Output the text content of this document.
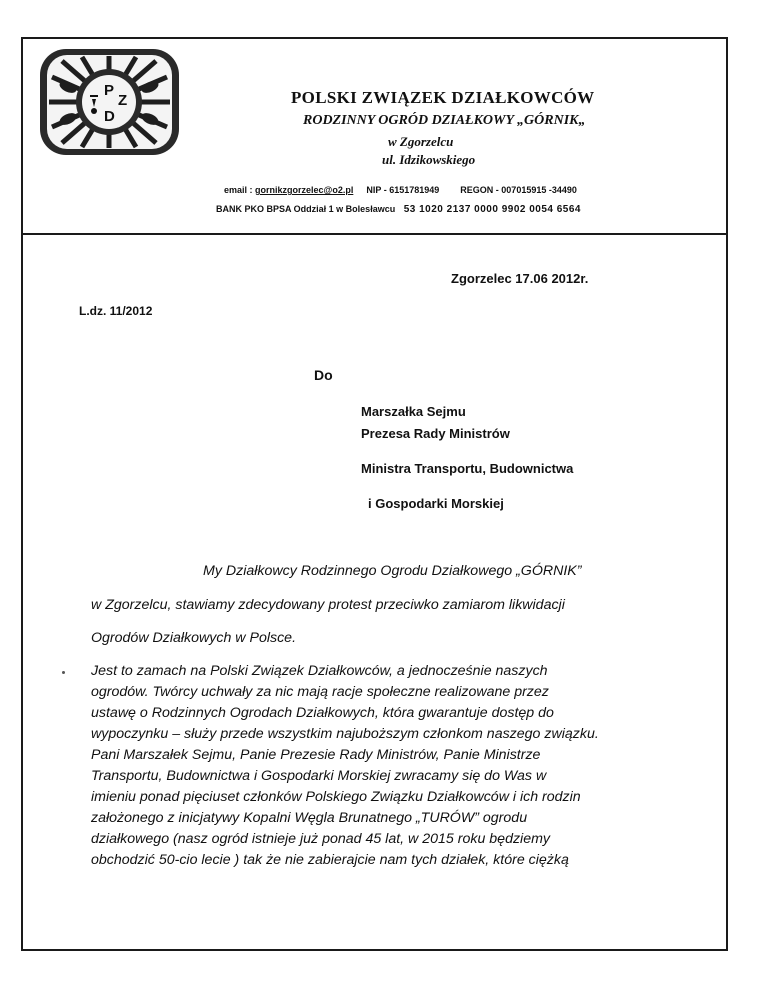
P
Z
D
POLSKI ZWIĄZEK DZIAŁKOWCÓW
RODZINNY OGRÓD DZIAŁKOWY „GÓRNIK„
w Zgorzelcu
ul. Idzikowskiego
email : gornikzgorzelec@o2.pl NIP - 6151781949 REGON - 007015915 -34490
BANK PKO BPSA Oddział 1 w Bolesławcu 53 1020 2137 0000 9902 0054 6564
Zgorzelec 17.06 2012r.
L.dz. 11/2012
Do
Marszałka Sejmu
Prezesa Rady Ministrów
Ministra Transportu, Budownictwa
i Gospodarki Morskiej
My Działkowcy Rodzinnego Ogrodu Działkowego „GÓRNIK”
w Zgorzelcu, stawiamy zdecydowany protest przeciwko zamiarom likwidacji
Ogrodów Działkowych w Polsce.
Jest to zamach na Polski Związek Działkowców, a jednocześnie naszych
ogrodów. Twórcy uchwały za nic mają racje społeczne realizowane przez
ustawę o Rodzinnych Ogrodach Działkowych, która gwarantuje dostęp do
wypoczynku – służy przede wszystkim najuboższym członkom naszego związku.
Pani Marszałek Sejmu, Panie Prezesie Rady Ministrów, Panie Ministrze
Transportu, Budownictwa i Gospodarki Morskiej zwracamy się do Was w
imieniu ponad pięciuset członków Polskiego Związku Działkowców i ich rodzin
założonego z inicjatywy Kopalni Węgla Brunatnego „TURÓW” ogrodu
działkowego (nasz ogród istnieje już ponad 45 lat, w 2015 roku będziemy
obchodzić 50-cio lecie ) tak że nie zabierajcie nam tych działek, które ciężką
